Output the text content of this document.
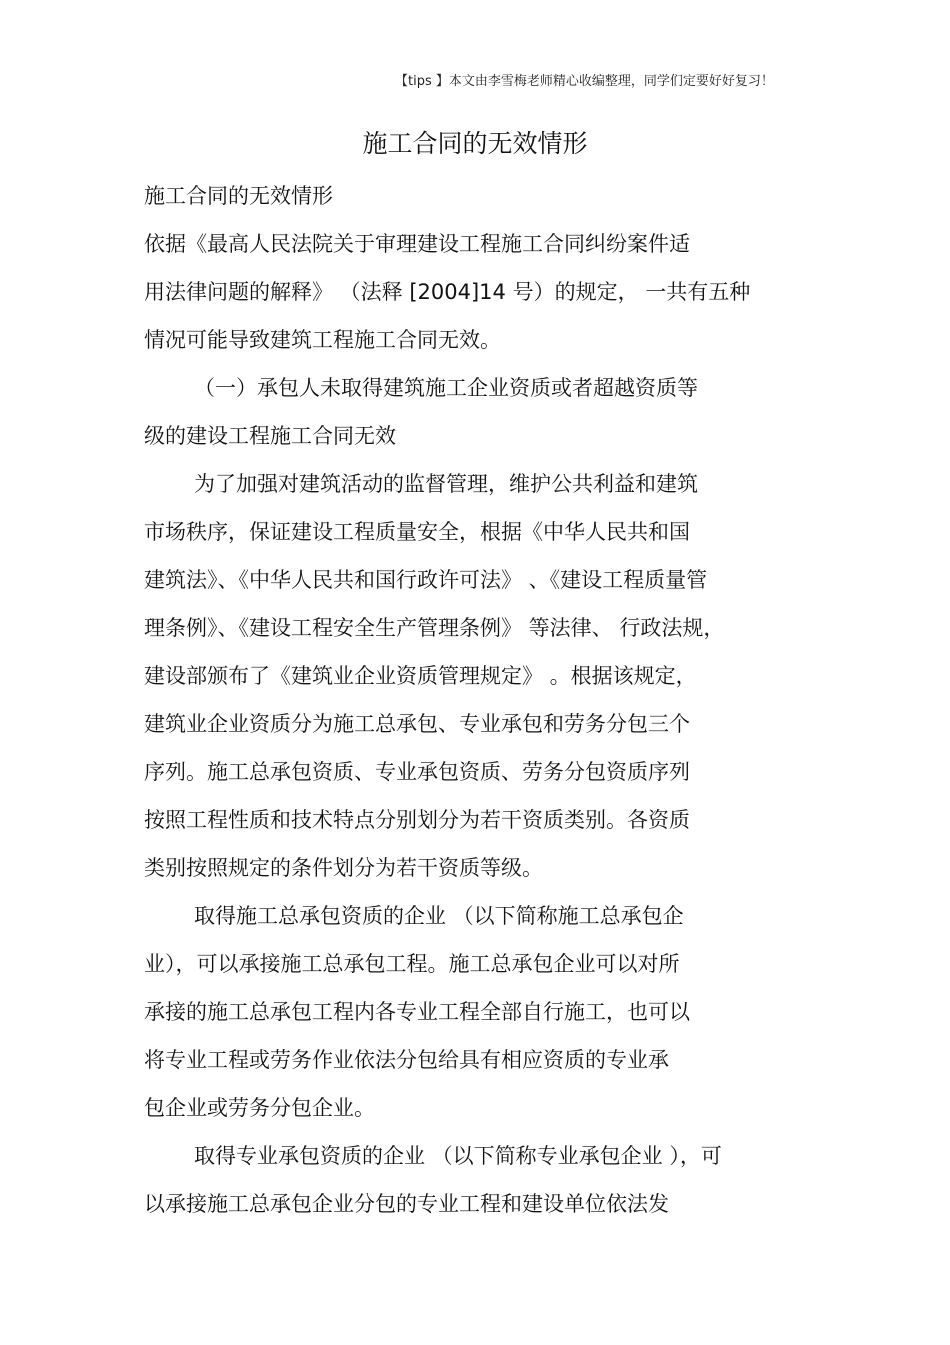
【tips 】本文由李雪梅老师精心收编整理，同学们定要好好复习！
施工合同的无效情形
施工合同的无效情形
依据《最高人民法院关于审理建设工程施工合同纠纷案件适
用法律问题的解释》 （法释 [2004]14 号）的规定， 一共有五种
情况可能导致建筑工程施工合同无效。
（一）承包人未取得建筑施工企业资质或者超越资质等
级的建设工程施工合同无效
为了加强对建筑活动的监督管理，维护公共利益和建筑
市场秩序，保证建设工程质量安全，根据《中华人民共和国
建筑法》、《中华人民共和国行政许可法》 、《建设工程质量管
理条例》、《建设工程安全生产管理条例》 等法律、 行政法规，
建设部颁布了《建筑业企业资质管理规定》 。根据该规定，
建筑业企业资质分为施工总承包、专业承包和劳务分包三个
序列。施工总承包资质、专业承包资质、劳务分包资质序列
按照工程性质和技术特点分别划分为若干资质类别。各资质
类别按照规定的条件划分为若干资质等级。
取得施工总承包资质的企业 （以下简称施工总承包企
业），可以承接施工总承包工程。施工总承包企业可以对所
承接的施工总承包工程内各专业工程全部自行施工，也可以
将专业工程或劳务作业依法分包给具有相应资质的专业承
包企业或劳务分包企业。
取得专业承包资质的企业 （以下简称专业承包企业 ），可
以承接施工总承包企业分包的专业工程和建设单位依法发
